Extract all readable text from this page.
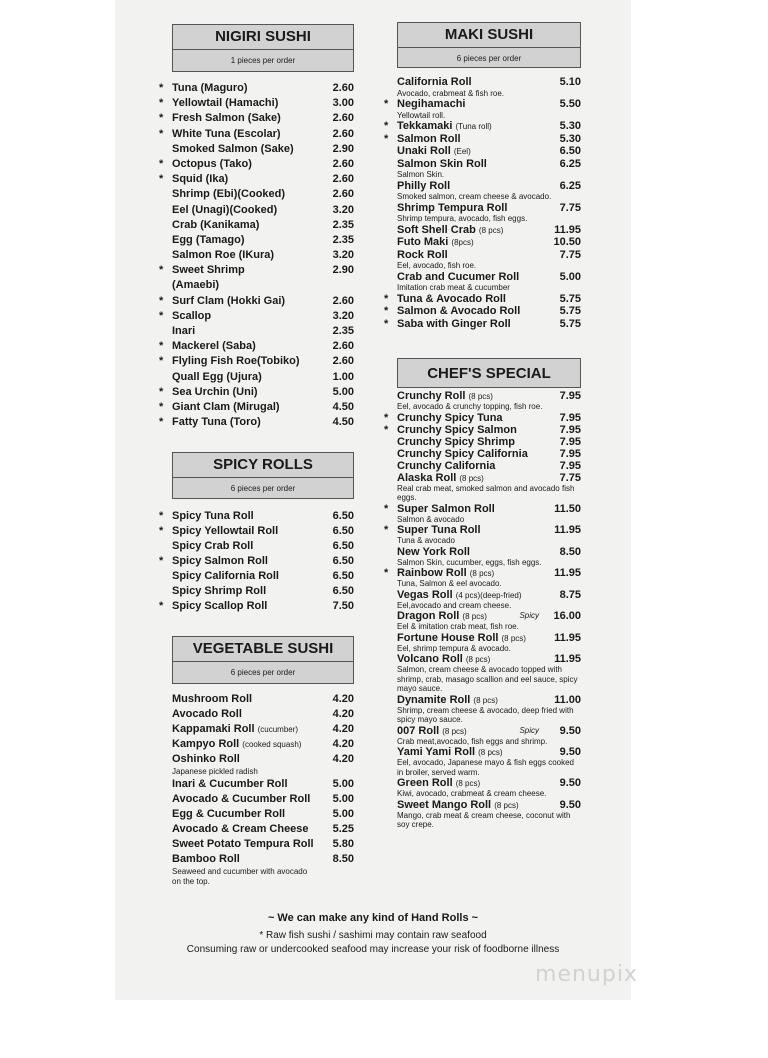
NIGIRI SUSHI
1 pieces per order
* Tuna (Maguro)	2.60
* Yellowtail (Hamachi)	3.00
* Fresh Salmon (Sake)	2.60
* White Tuna (Escolar)	2.60
Smoked Salmon (Sake)	2.90
* Octopus (Tako)	2.60
* Squid (Ika)	2.60
Shrimp (Ebi)(Cooked)	2.60
Eel (Unagi)(Cooked)	3.20
Crab (Kanikama)	2.35
Egg (Tamago)	2.35
Salmon Roe (IKura)	3.20
* Sweet Shrimp	2.90
(Amaebi)
* Surf Clam (Hokki Gai)	2.60
* Scallop	3.20
Inari	2.35
* Mackerel (Saba)	2.60
* Flyling Fish Roe(Tobiko)	2.60
Quall Egg (Ujura)	1.00
* Sea Urchin (Uni)	5.00
* Giant Clam (Mirugal)	4.50
* Fatty Tuna (Toro)	4.50
SPICY ROLLS
6 pieces per order
* Spicy Tuna Roll	6.50
* Spicy Yellowtail Roll	6.50
Spicy Crab Roll	6.50
* Spicy Salmon Roll	6.50
Spicy California Roll	6.50
Spicy Shrimp Roll	6.50
* Spicy Scallop Roll	7.50
VEGETABLE SUSHI
6 pieces per order
Mushroom Roll	4.20
Avocado Roll	4.20
Kappamaki Roll (cucumber)	4.20
Kampyo Roll (cooked squash)	4.20
Oshinko Roll	4.20
Japanese pickled radish
Inari & Cucumber Roll	5.00
Avocado & Cucumber Roll 5.00
Egg & Cucumber Roll	5.00
Avocado & Cream Cheese 5.25
Sweet Potato Tempura Roll 5.80
Bamboo Roll	8.50
Seaweed and cucumber with avocado on the top.
MAKI SUSHI
6 pieces per order
California Roll	5.10
Avocado, crabmeat & fish roe.
* Negihamachi	5.50
Yellowtail roll.
* Tekkamaki (Tuna roll)	5.30
* Salmon Roll	5.30
Unaki Roll (Eel)	6.50
Salmon Skin Roll	6.25
Salmon Skin.
Philly Roll	6.25
Smoked salmon, cream cheese & avocado.
Shrimp Tempura Roll	7.75
Shrimp tempura, avocado, fish eggs.
Soft Shell Crab (8 pcs)	11.95
Futo Maki (8pcs)	10.50
Rock Roll	7.75
Eel, avocado, fish roe.
Crab and Cucumer Roll	5.00
Imitation crab meat & cucumber
* Tuna & Avocado Roll	5.75
* Salmon & Avocado Roll	5.75
* Saba with Ginger Roll	5.75
CHEF'S SPECIAL
Crunchy Roll (8 pcs)	7.95
Eel, avocado & crunchy topping, fish roe.
* Crunchy Spicy Tuna	7.95
* Crunchy Spicy Salmon	7.95
Crunchy Spicy Shrimp	7.95
Crunchy Spicy California	7.95
Crunchy California	7.95
Alaska Roll (8 pcs)	7.75
Real crab meat, smoked salmon and avocado fish eggs.
* Super Salmon Roll	11.50
Salmon & avocado
* Super Tuna Roll	11.95
Tuna & avocado
New York Roll	8.50
Salmon Skin, cucumber, eggs, fish eggs.
* Rainbow Roll (8 pcs)	11.95
Tuna, Salmon & eel avocado.
Vegas Roll (4 pcs)(deep-fried)	8.75
Eel,avocado and cream cheese.
Dragon Roll (8 pcs)	Spicy 16.00
Eel & imitation crab meat, fish roe.
Fortune House Roll (8 pcs)	11.95
Eel, shrimp tempura & avocado.
Volcano Roll (8 pcs)	11.95
Salmon, cream cheese & avocado topped with shrimp, crab, masago scallion and eel sauce, spicy mayo sauce.
Dynamite Roll (8 pcs)	11.00
Shrimp, cream cheese & avocado, deep fried with spicy mayo sauce.
007 Roll (8 pcs)	Spicy 9.50
Crab meat,avocado, fish eggs and shrimp.
Yami Yami Roll (8 pcs)	9.50
Eel, avocado, Japanese mayo & fish eggs cooked in broiler, served warm.
Green Roll (8 pcs)	9.50
Kiwi, avocado, crabmeat & cream cheese.
Sweet Mango Roll (8 pcs)	9.50
Mango, crab meat & cream cheese, coconut with soy crepe.
~ We can make any kind of Hand Rolls ~
* Raw fish sushi / sashimi may contain raw seafood
Consuming raw or undercooked seafood may increase your risk of foodborne illness
menupix
